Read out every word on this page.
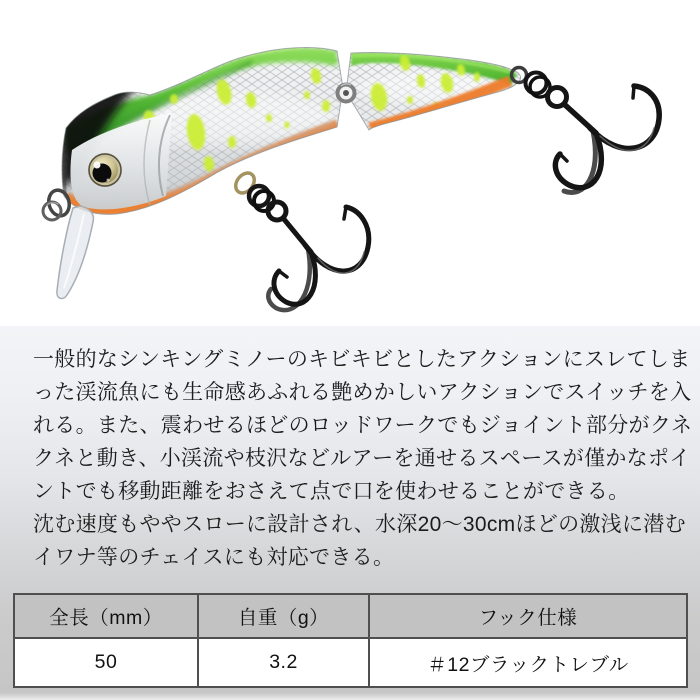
一般的なシンキングミノーのキビキビとしたアクションにスレてしま
った渓流魚にも生命感あふれる艶めかしいアクションでスイッチを入
れる。また、震わせるほどのロッドワークでもジョイント部分がクネ
クネと動き、小渓流や枝沢などルアーを通せるスペースが僅かなポイ
ントでも移動距離をおさえて点で口を使わせることができる。
沈む速度もややスローに設計され、水深20～30cmほどの激浅に潜む
イワナ等のチェイスにも対応できる。
全長（mm）	自重（g）	フック仕様
50	3.2	＃12ブラックトレブル
